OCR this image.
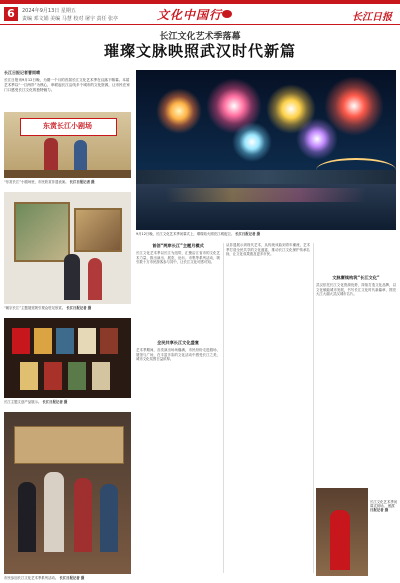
6	2024年9月13日 星期五
责编 邓文娟 美编 马慧 校对 屠宇 责任 张亭	文化中国行	长江日报
长江文化艺术季落幕
璀璨文脉映照武汉时代新篇
长江日报记者曹雨晴
长江日报讯9月12日晚，为期一个月的首届长江文化艺术季在汉落下帷幕。本届艺术季以“一江两岸”为核心，串联起长江沿线多个城市的文化资源，让市民在家门口感受长江文化的独特魅力。
东赏长江小剧场
“东赏长江”小剧场里，市民欣赏非遗表演。 长江日报记者 摄
“朝宗长江”主题展览吸引观众驻足欣赏。 长江日报记者 摄
长江主题文创产品展示。 长江日报记者 摄
市民参加长江文化艺术季系列活动。 长江日报记者 摄
9月12日晚，长江文化艺术季闭幕式上，璀璨焰火照亮江城夜空。 长江日报记者 摄
首创“两岸长江”主题月模式
长江文化艺术季以长江为纽带，汇聚沿江省市的文化艺术力量，推出演出、展览、论坛、市集等系列活动，吸引数十万市民游客参与其中，让长江文化可感可知。
全民共享长江文化盛宴
艺术季期间，各类演出场场爆满，市民纷纷走进剧场、展馆与广场，在丰富多彩的文化活动中感受长江之美，城市文化氛围日益浓厚。
从非遗展示到现代艺术，从传统戏曲到青年潮流，艺术季打造全民共享的文化盛宴，推动长江文化保护传承弘扬，让文化成果惠及更多市民。
文脉赓续构筑“长江文化”
武汉依托长江文化资源优势，持续打造文化品牌，以文化赋能城市发展，书写长江文化时代新篇章，擦亮大江大湖大武汉城市名片。
长江文化艺术季闭幕式现场。 长江日报记者 摄
